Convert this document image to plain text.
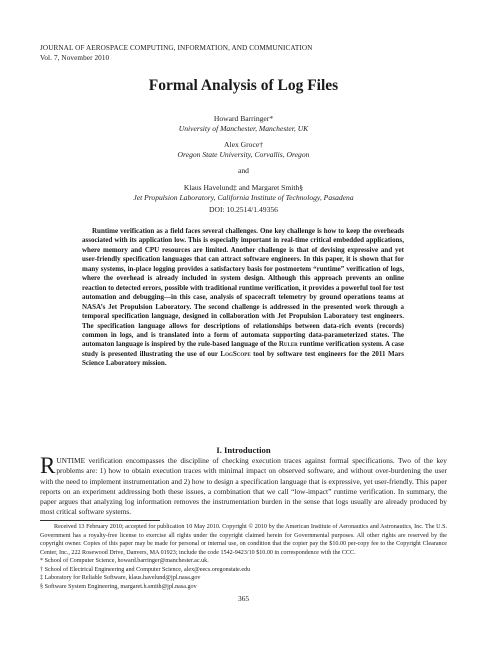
JOURNAL OF AEROSPACE COMPUTING, INFORMATION, AND COMMUNICATION
Vol. 7, November 2010
Formal Analysis of Log Files
Howard Barringer*
University of Manchester, Manchester, UK
Alex Groce†
Oregon State University, Corvallis, Oregon
and
Klaus Havelund‡ and Margaret Smith§
Jet Propulsion Laboratory, California Institute of Technology, Pasadena
DOI: 10.2514/1.49356

Runtime verification as a field faces several challenges. One key challenge is how to keep the overheads associated with its application low. This is especially important in real-time critical embedded applications, where memory and CPU resources are limited. Another challenge is that of devising expressive and yet user-friendly specification languages that can attract software engineers. In this paper, it is shown that for many systems, in-place logging provides a satisfactory basis for postmortem “runtime” verification of logs, where the overhead is already included in system design. Although this approach prevents an online reaction to detected errors, possible with traditional runtime verification, it provides a powerful tool for test automation and debugging—in this case, analysis of spacecraft telemetry by ground operations teams at NASA’s Jet Propulsion Laboratory. The second challenge is addressed in the presented work through a temporal specification language, designed in collaboration with Jet Propulsion Laboratory test engineers. The specification language allows for descriptions of relationships between data-rich events (records) common in logs, and is translated into a form of automata supporting data-parameterized states. The automaton language is inspired by the rule-based language of the Ruler runtime verification system. A case study is presented illustrating the use of our LogScope tool by software test engineers for the 2011 Mars Science Laboratory mission.

I. Introduction

RUNTIME verification encompasses the discipline of checking execution traces against formal specifications. Two of the key problems are: 1) how to obtain execution traces with minimal impact on observed software, and without over-burdening the user with the need to implement instrumentation and 2) how to design a specification language that is expressive, yet user-friendly. This paper reports on an experiment addressing both these issues, a combination that we call “low-impact” runtime verification. In summary, the paper argues that analyzing log information removes the instrumentation burden in the sense that logs usually are already produced by most critical software systems.

Received 13 February 2010; accepted for publication 10 May 2010. Copyright © 2010 by the American Institute of Aeronautics and Astronautics, Inc. The U.S. Government has a royalty-free license to exercise all rights under the copyright claimed herein for Governmental purposes. All other rights are reserved by the copyright owner. Copies of this paper may be made for personal or internal use, on condition that the copier pay the $10.00 per-copy fee to the Copyright Clearance Center, Inc., 222 Rosewood Drive, Danvers, MA 01923; include the code 1542-9423/10 $10.00 in correspondence with the CCC.

* School of Computer Science, howard.barringer@manchester.ac.uk.

† School of Electrical Engineering and Computer Science, alex@eecs.oregonstate.edu

‡ Laboratory for Reliable Software, klaus.havelund@jpl.nasa.gov

§ Software System Engineering, margaret.h.smith@jpl.nasa.gov

365
